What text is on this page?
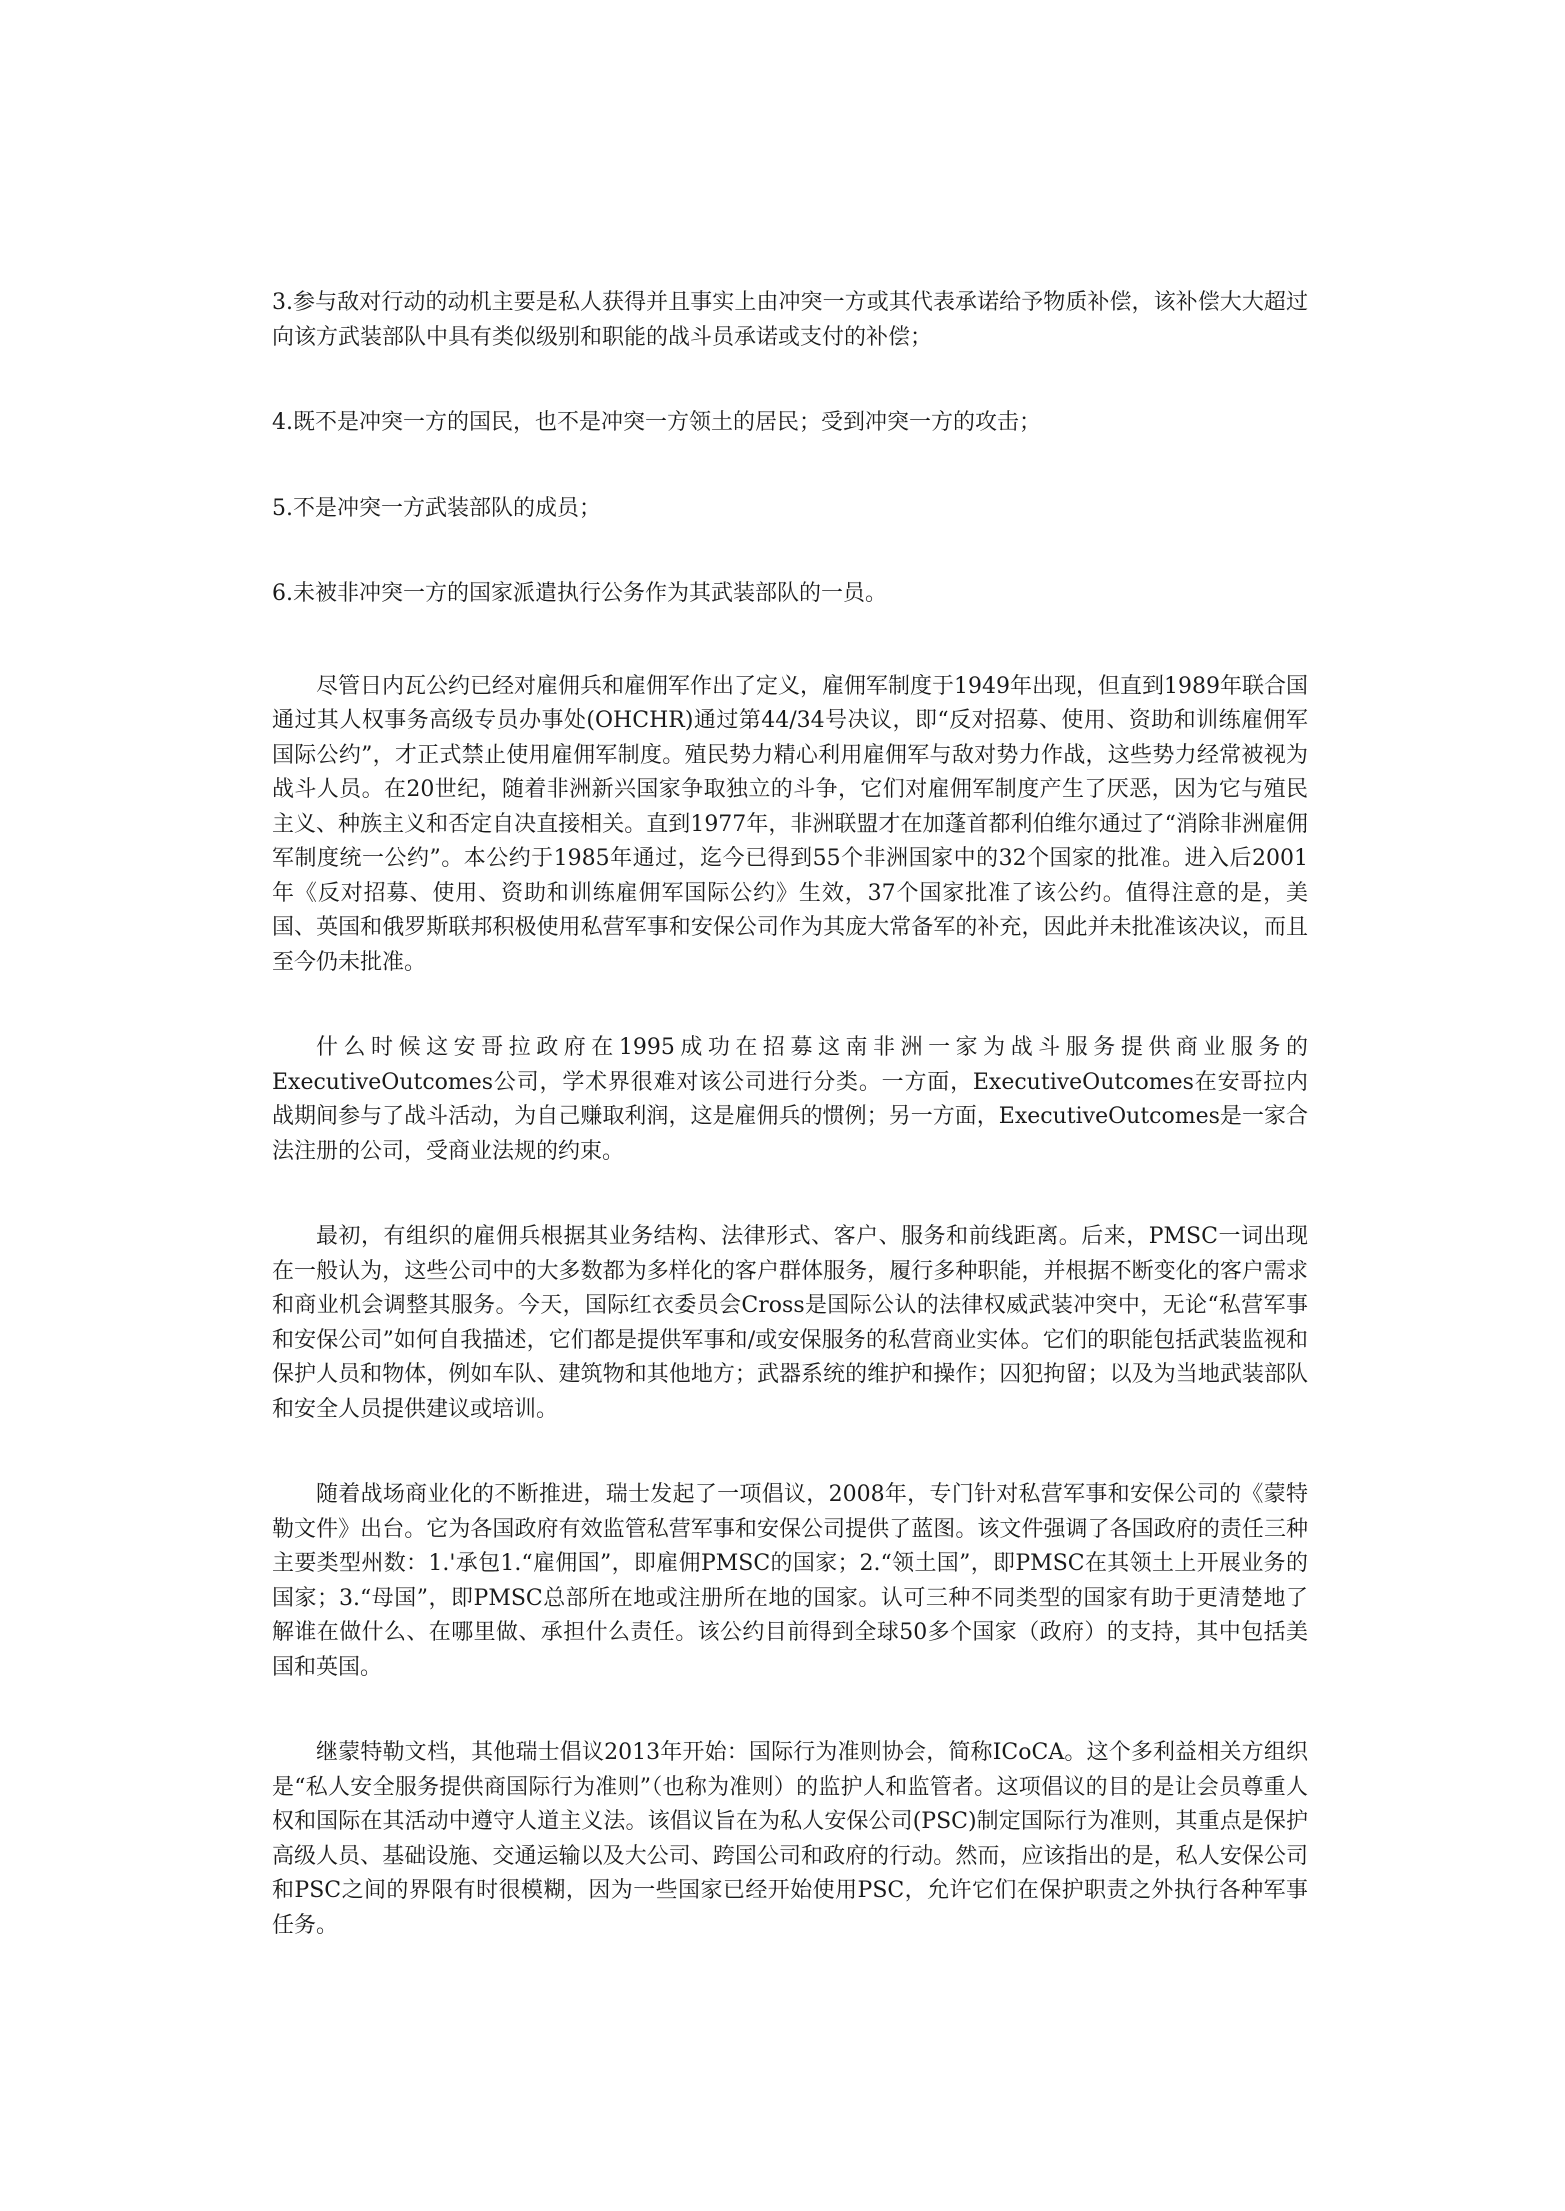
3.参与敌对行动的动机主要是私人获得并且事实上由冲突一方或其代表承诺给予物质补偿，该补偿大大超过向该方武装部队中具有类似级别和职能的战斗员承诺或支付的补偿；

4.既不是冲突一方的国民，也不是冲突一方领土的居民；受到冲突一方的攻击；

5.不是冲突一方武装部队的成员；

6.未被非冲突一方的国家派遣执行公务作为其武装部队的一员。

尽管日内瓦公约已经对雇佣兵和雇佣军作出了定义，雇佣军制度于1949年出现，但直到1989年联合国通过其人权事务高级专员办事处(OHCHR)通过第44/34号决议，即“反对招募、使用、资助和训练雇佣军国际公约”，才正式禁止使用雇佣军制度。殖民势力精心利用雇佣军与敌对势力作战，这些势力经常被视为战斗人员。在20世纪，随着非洲新兴国家争取独立的斗争，它们对雇佣军制度产生了厌恶，因为它与殖民主义、种族主义和否定自决直接相关。直到1977年，非洲联盟才在加蓬首都利伯维尔通过了“消除非洲雇佣军制度统一公约”。本公约于1985年通过，迄今已得到55个非洲国家中的32个国家的批准。进入后2001年《反对招募、使用、资助和训练雇佣军国际公约》生效，37个国家批准了该公约。值得注意的是，美国、英国和俄罗斯联邦积极使用私营军事和安保公司作为其庞大常备军的补充，因此并未批准该决议，而且至今仍未批准。

什么时候这安哥拉政府在1995成功在招募这南非洲一家为战斗服务提供商业服务的ExecutiveOutcomes公司，学术界很难对该公司进行分类。一方面，ExecutiveOutcomes在安哥拉内战期间参与了战斗活动，为自己赚取利润，这是雇佣兵的惯例；另一方面，ExecutiveOutcomes是一家合法注册的公司，受商业法规的约束。

最初，有组织的雇佣兵根据其业务结构、法律形式、客户、服务和前线距离。后来，PMSC一词出现在一般认为，这些公司中的大多数都为多样化的客户群体服务，履行多种职能，并根据不断变化的客户需求和商业机会调整其服务。今天，国际红衣委员会Cross是国际公认的法律权威武装冲突中，无论“私营军事和安保公司”如何自我描述，它们都是提供军事和/或安保服务的私营商业实体。它们的职能包括武装监视和保护人员和物体，例如车队、建筑物和其他地方；武器系统的维护和操作；囚犯拘留；以及为当地武装部队和安全人员提供建议或培训。

随着战场商业化的不断推进，瑞士发起了一项倡议，2008年，专门针对私营军事和安保公司的《蒙特勒文件》出台。它为各国政府有效监管私营军事和安保公司提供了蓝图。该文件强调了各国政府的责任三种主要类型州数：1.'承包1.“雇佣国”，即雇佣PMSC的国家；2.“领土国”，即PMSC在其领土上开展业务的国家；3.“母国”，即PMSC总部所在地或注册所在地的国家。认可三种不同类型的国家有助于更清楚地了解谁在做什么、在哪里做、承担什么责任。该公约目前得到全球50多个国家（政府）的支持，其中包括美国和英国。

继蒙特勒文档，其他瑞士倡议2013年开始：国际行为准则协会，简称ICoCA。这个多利益相关方组织是“私人安全服务提供商国际行为准则”（也称为准则）的监护人和监管者。这项倡议的目的是让会员尊重人权和国际在其活动中遵守人道主义法。该倡议旨在为私人安保公司(PSC)制定国际行为准则，其重点是保护高级人员、基础设施、交通运输以及大公司、跨国公司和政府的行动。然而，应该指出的是，私人安保公司和PSC之间的界限有时很模糊，因为一些国家已经开始使用PSC，允许它们在保护职责之外执行各种军事任务。
